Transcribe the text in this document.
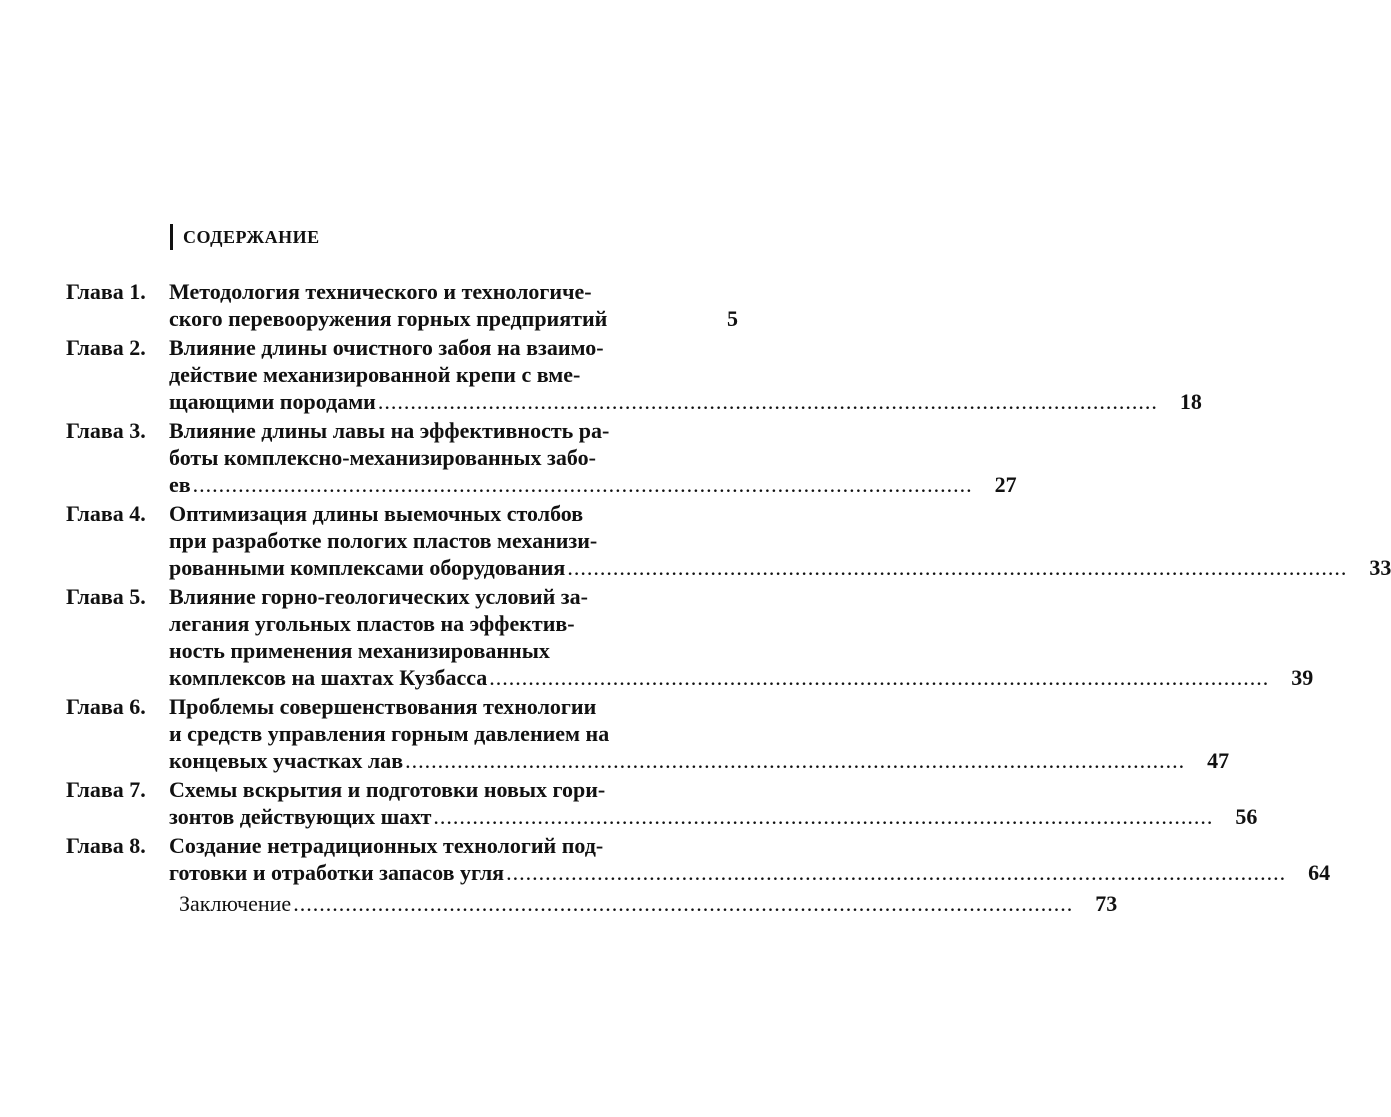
СОДЕРЖАНИЕ
Глава 1.	Методология технического и технологиче-
ского перевооружения горных предприятий	5
Глава 2.	Влияние длины очистного забоя на взаимо-
действие механизированной крепи с вме-
щающими породами .....	18
Глава 3.	Влияние длины лавы на эффективность ра-
боты комплексно-механизированных забо-
ев .....	27
Глава 4.	Оптимизация длины выемочных столбов
при разработке пологих пластов механизи-
рованными комплексами оборудования .....	33
Глава 5.	Влияние горно-геологических условий за-
легания угольных пластов на эффектив-
ность применения механизированных
комплексов на шахтах Кузбасса .....	39
Глава 6.	Проблемы совершенствования технологии
и средств управления горным давлением на
концевых участках лав .....	47
Глава 7.	Схемы вскрытия и подготовки новых гори-
зонтов действующих шахт .....	56
Глава 8.	Создание нетрадиционных технологий под-
готовки и отработки запасов угля .....	64
Заключение .....	73
